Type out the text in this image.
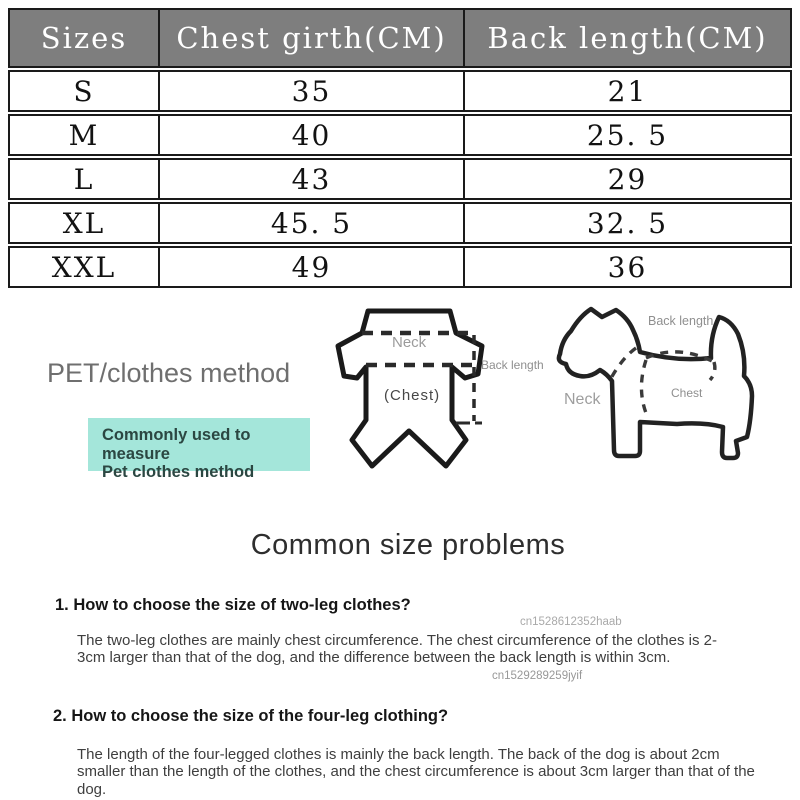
Sizes	Chest girth(CM)	Back length(CM)
S	35	21
M	40	25. 5
L	43	29
XL	45. 5	32. 5
XXL	49	36
PET/clothes method
Commonly used to measure
Pet clothes method
Neck
(Chest)
Back length
Back length
Neck	Chest
Common size problems
1. How to choose the size of two-leg clothes?
cn1528612352haab
The two-leg clothes are mainly chest circumference. The chest circumference of the clothes is 2-3cm larger than that of the dog, and the difference between the back length is within 3cm.
cn1529289259jyif
2. How to choose the size of the four-leg clothing?
The length of the four-legged clothes is mainly the back length. The back of the dog is about 2cm smaller than the length of the clothes, and the chest circumference is about 3cm larger than that of the dog.
